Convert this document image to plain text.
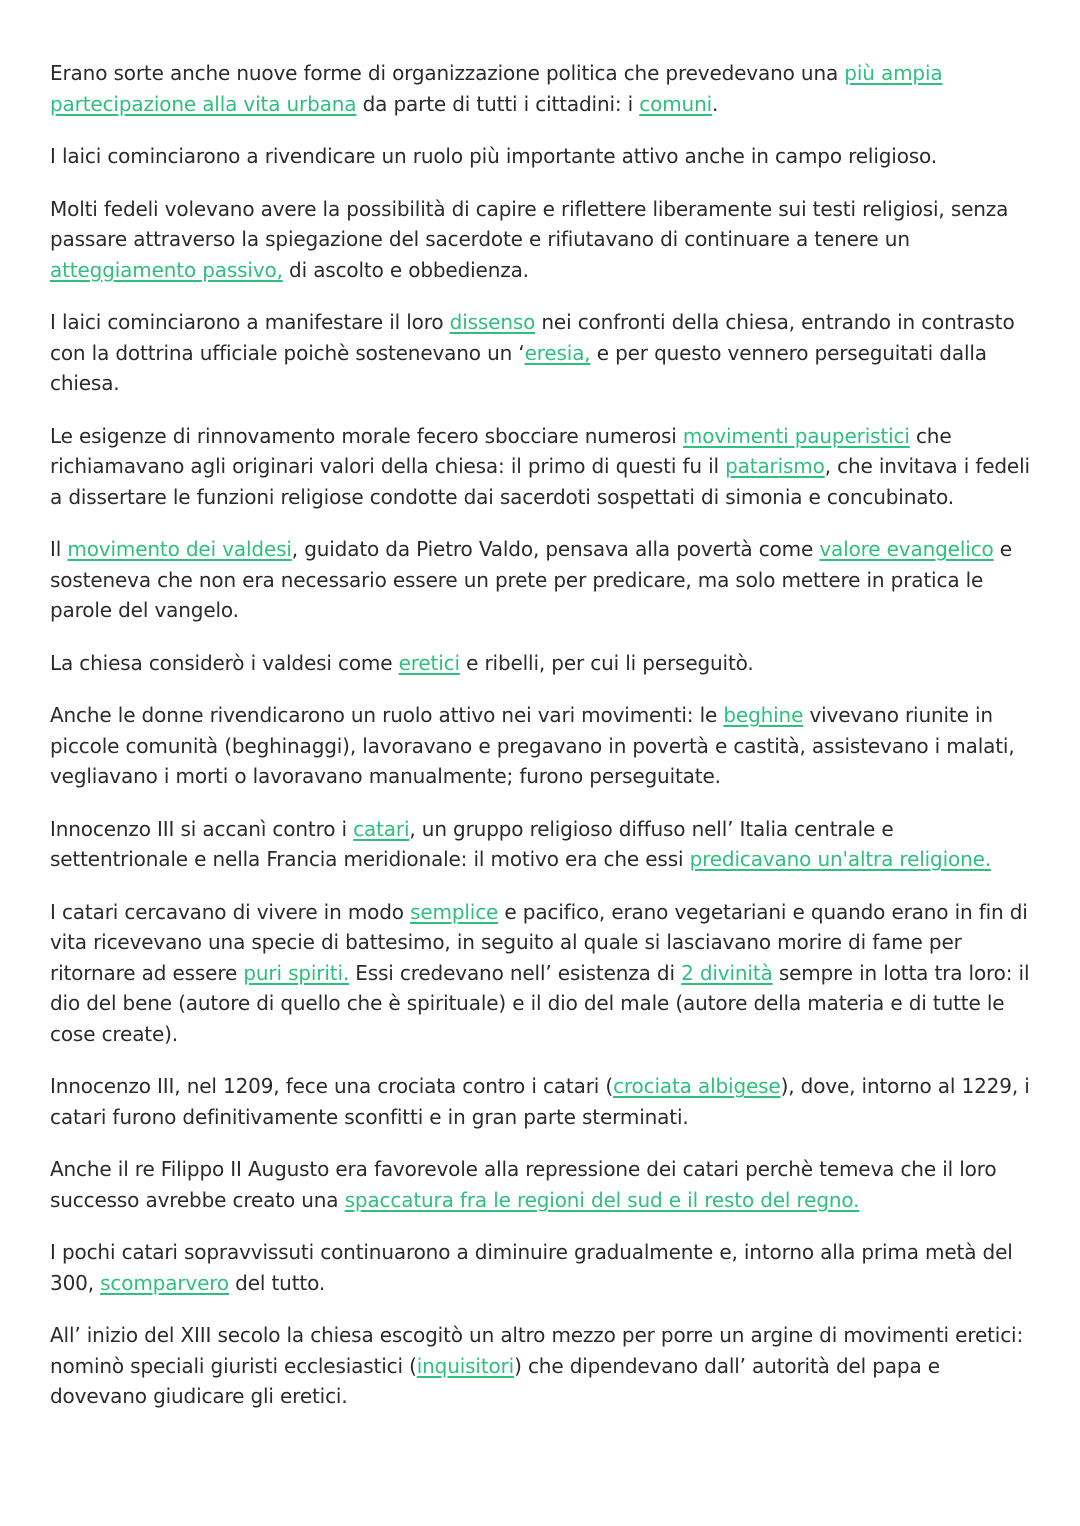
Erano sorte anche nuove forme di organizzazione politica che prevedevano una più ampia partecipazione alla vita urbana da parte di tutti i cittadini: i comuni.

I laici cominciarono a rivendicare un ruolo più importante attivo anche in campo religioso.

Molti fedeli volevano avere la possibilità di capire e riflettere liberamente sui testi religiosi, senza passare attraverso la spiegazione del sacerdote e rifiutavano di continuare a tenere un atteggiamento passivo, di ascolto e obbedienza.

I laici cominciarono a manifestare il loro dissenso nei confronti della chiesa, entrando in contrasto con la dottrina ufficiale poichè sostenevano un ‘eresia, e per questo vennero perseguitati dalla chiesa.

Le esigenze di rinnovamento morale fecero sbocciare numerosi movimenti pauperistici che richiamavano agli originari valori della chiesa: il primo di questi fu il patarismo, che invitava i fedeli a dissertare le funzioni religiose condotte dai sacerdoti sospettati di simonia e concubinato.

Il movimento dei valdesi, guidato da Pietro Valdo, pensava alla povertà come valore evangelico e sosteneva che non era necessario essere un prete per predicare, ma solo mettere in pratica le parole del vangelo.

La chiesa considerò i valdesi come eretici e ribelli, per cui li perseguitò.

Anche le donne rivendicarono un ruolo attivo nei vari movimenti: le beghine vivevano riunite in piccole comunità (beghinaggi), lavoravano e pregavano in povertà e castità, assistevano i malati, vegliavano i morti o lavoravano manualmente; furono perseguitate.

Innocenzo III si accanì contro i catari, un gruppo religioso diffuso nell’ Italia centrale e settentrionale e nella Francia meridionale: il motivo era che essi predicavano un'altra religione.

I catari cercavano di vivere in modo semplice e pacifico, erano vegetariani e quando erano in fin di vita ricevevano una specie di battesimo, in seguito al quale si lasciavano morire di fame per ritornare ad essere puri spiriti. Essi credevano nell’ esistenza di 2 divinità sempre in lotta tra loro: il dio del bene (autore di quello che è spirituale) e il dio del male (autore della materia e di tutte le cose create).

Innocenzo III, nel 1209, fece una crociata contro i catari (crociata albigese), dove, intorno al 1229, i catari furono definitivamente sconfitti e in gran parte sterminati.

Anche il re Filippo II Augusto era favorevole alla repressione dei catari perchè temeva che il loro successo avrebbe creato una spaccatura fra le regioni del sud e il resto del regno.

I pochi catari sopravvissuti continuarono a diminuire gradualmente e, intorno alla prima metà del 300, scomparvero del tutto.

All’ inizio del XIII secolo la chiesa escogitò un altro mezzo per porre un argine di movimenti eretici: nominò speciali giuristi ecclesiastici (inquisitori) che dipendevano dall’ autorità del papa e dovevano giudicare gli eretici.
